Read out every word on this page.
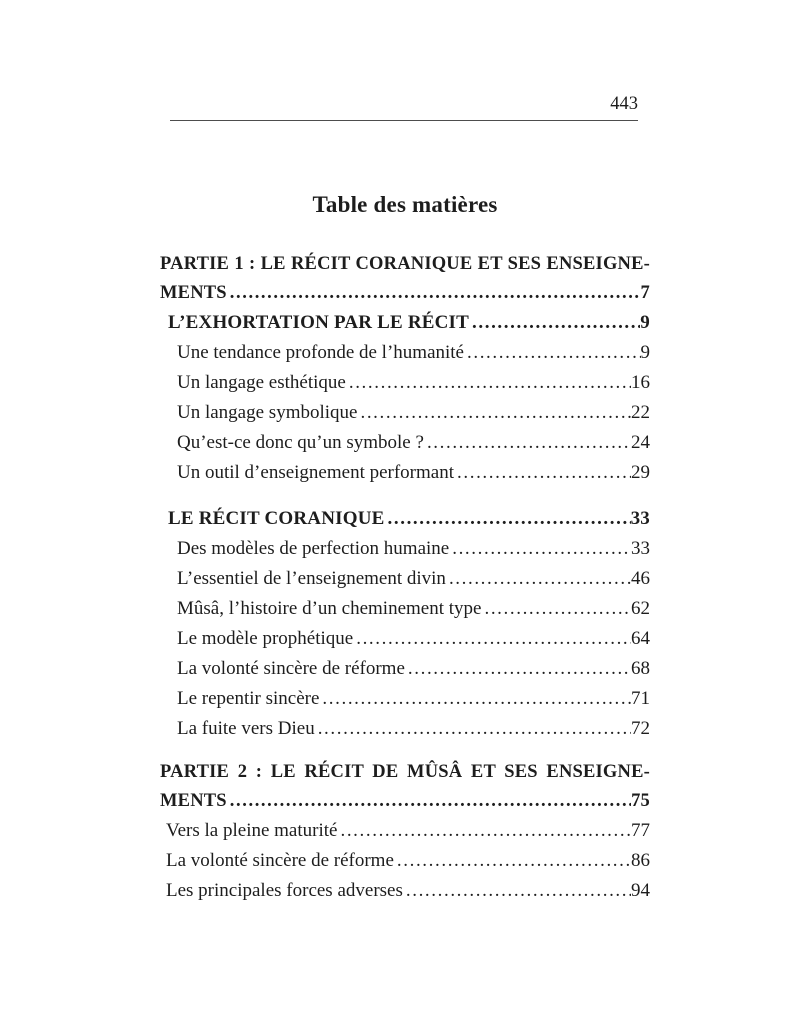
443
Table des matières
PARTIE 1 : LE RÉCIT CORANIQUE ET SES ENSEIGNE-
MENTS .....	7
L’EXHORTATION PAR LE RÉCIT .....	9
Une tendance profonde de l’humanité .....	9
Un langage esthétique .....	16
Un langage symbolique .....	22
Qu’est-ce donc qu’un symbole ? .....	24
Un outil d’enseignement performant .....	29
LE RÉCIT CORANIQUE .....	33
Des modèles de perfection humaine .....	33
L’essentiel de l’enseignement divin .....	46
Mûsâ, l’histoire d’un cheminement type .....	62
Le modèle prophétique .....	64
La volonté sincère de réforme .....	68
Le repentir sincère .....	71
La fuite vers Dieu .....	72
PARTIE 2 : LE RÉCIT DE MÛSÂ ET SES ENSEIGNE-
MENTS .....	75
Vers la pleine maturité .....	77
La volonté sincère de réforme .....	86
Les principales forces adverses .....	94
